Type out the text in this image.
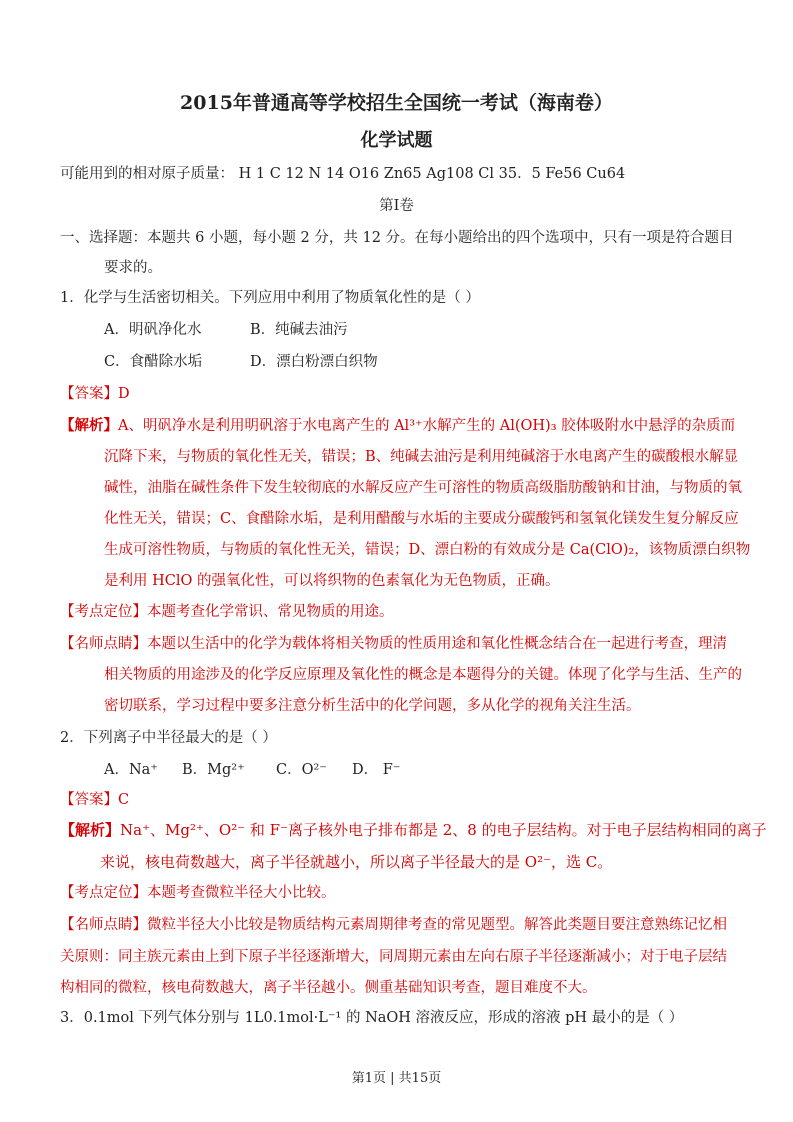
2015年普通高等学校招生全国统一考试（海南卷）
化学试题
可能用到的相对原子质量： H 1 C 12 N 14 O16 Zn65 Ag108 Cl 35．5 Fe56 Cu64
第Ⅰ卷
一、选择题：本题共 6 小题，每小题 2 分，共 12 分。在每小题给出的四个选项中，只有一项是符合题目
要求的。
1．化学与生活密切相关。下列应用中利用了物质氧化性的是（ ）
A．明矾净化水	B．纯碱去油污
C．食醋除水垢	D．漂白粉漂白织物
【答案】D
【解析】A、明矾净水是利用明矾溶于水电离产生的 Al³⁺水解产生的 Al(OH)₃ 胶体吸附水中悬浮的杂质而
沉降下来，与物质的氧化性无关，错误；B、纯碱去油污是利用纯碱溶于水电离产生的碳酸根水解显
碱性，油脂在碱性条件下发生较彻底的水解反应产生可溶性的物质高级脂肪酸钠和甘油，与物质的氧
化性无关，错误；C、食醋除水垢，是利用醋酸与水垢的主要成分碳酸钙和氢氧化镁发生复分解反应
生成可溶性物质，与物质的氧化性无关，错误；D、漂白粉的有效成分是 Ca(ClO)₂，该物质漂白织物
是利用 HClO 的强氧化性，可以将织物的色素氧化为无色物质，正确。
【考点定位】本题考查化学常识、常见物质的用途。
【名师点睛】本题以生活中的化学为载体将相关物质的性质用途和氧化性概念结合在一起进行考查，理清
相关物质的用途涉及的化学反应原理及氧化性的概念是本题得分的关键。体现了化学与生活、生产的
密切联系，学习过程中要多注意分析生活中的化学问题，多从化学的视角关注生活。
2．下列离子中半径最大的是（ ）
A．Na⁺ B．Mg²⁺ C．O²⁻ D． F⁻
【答案】C
【解析】Na⁺、Mg²⁺、O²⁻ 和 F⁻离子核外电子排布都是 2、8 的电子层结构。对于电子层结构相同的离子
来说，核电荷数越大，离子半径就越小，所以离子半径最大的是 O²⁻，选 C。
【考点定位】本题考查微粒半径大小比较。
【名师点睛】微粒半径大小比较是物质结构元素周期律考查的常见题型。解答此类题目要注意熟练记忆相
关原则：同主族元素由上到下原子半径逐渐增大，同周期元素由左向右原子半径逐渐减小；对于电子层结
构相同的微粒，核电荷数越大，离子半径越小。侧重基础知识考查，题目难度不大。
3．0.1mol 下列气体分别与 1L0.1mol·L⁻¹ 的 NaOH 溶液反应，形成的溶液 pH 最小的是（ ）
第1页 | 共15页
